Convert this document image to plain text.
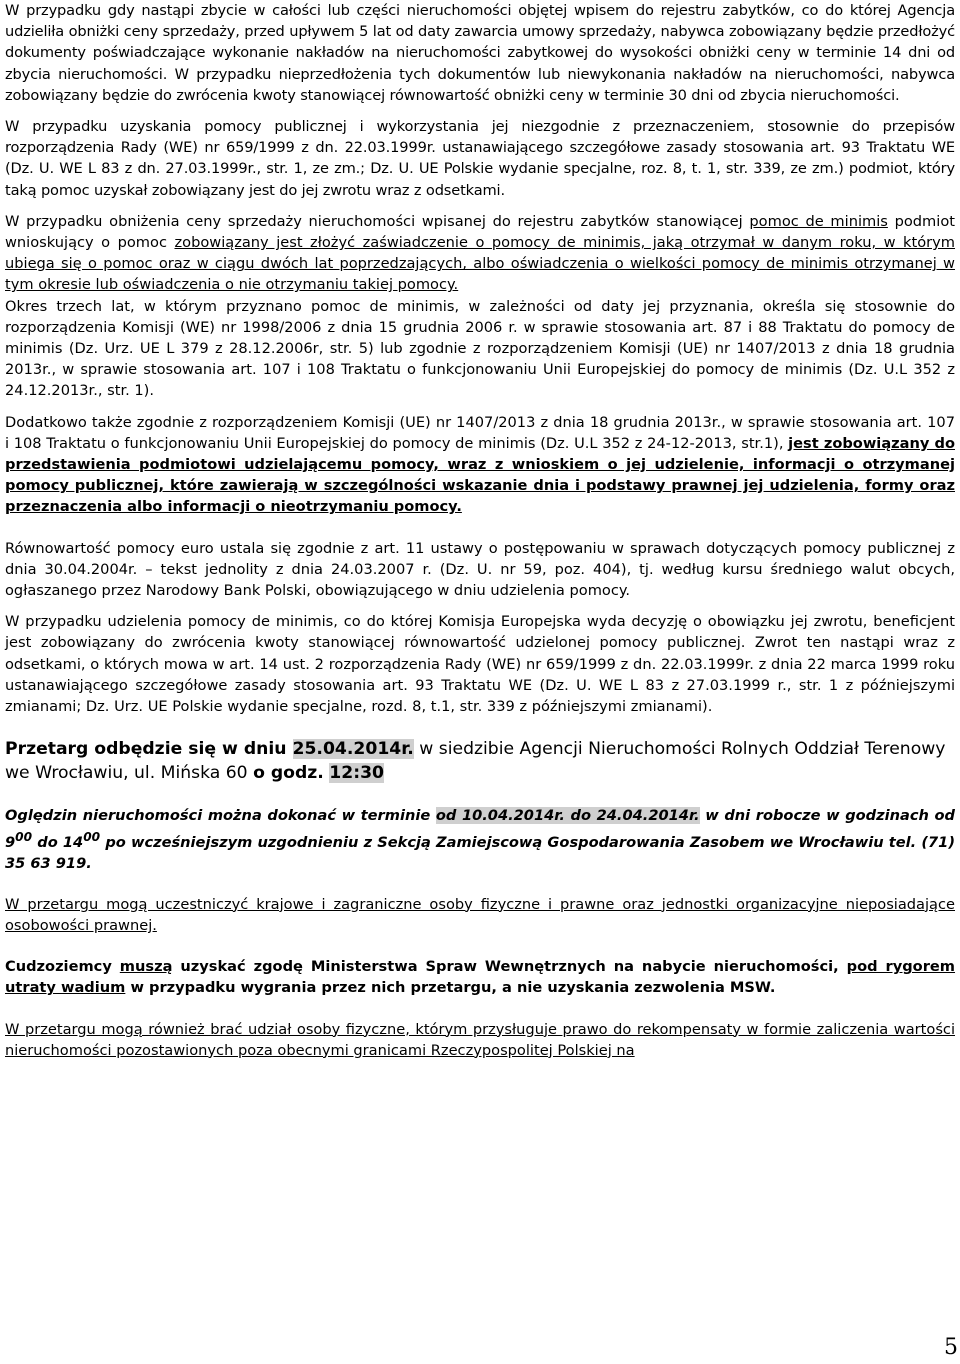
W przypadku gdy nastąpi zbycie w całości lub części nieruchomości objętej wpisem do rejestru zabytków, co do której Agencja udzieliła obniżki ceny sprzedaży, przed upływem 5 lat od daty zawarcia umowy sprzedaży, nabywca zobowiązany będzie przedłożyć dokumenty poświadczające wykonanie nakładów na nieruchomości zabytkowej do wysokości obniżki ceny w terminie 14 dni od zbycia nieruchomości. W przypadku nieprzedłożenia tych dokumentów lub niewykonania nakładów na nieruchomości, nabywca zobowiązany będzie do zwrócenia kwoty stanowiącej równowartość obniżki ceny w terminie 30 dni od zbycia nieruchomości.

W przypadku uzyskania pomocy publicznej i wykorzystania jej niezgodnie z przeznaczeniem, stosownie do przepisów rozporządzenia Rady (WE) nr 659/1999 z dn. 22.03.1999r. ustanawiającego szczegółowe zasady stosowania art. 93 Traktatu WE (Dz. U. WE L 83 z dn. 27.03.1999r., str. 1, ze zm.; Dz. U. UE Polskie wydanie specjalne, roz. 8, t. 1, str. 339, ze zm.) podmiot, który taką pomoc uzyskał zobowiązany jest do jej zwrotu wraz z odsetkami.

W przypadku obniżenia ceny sprzedaży nieruchomości wpisanej do rejestru zabytków stanowiącej pomoc de minimis podmiot wnioskujący o pomoc zobowiązany jest złożyć zaświadczenie o pomocy de minimis, jaką otrzymał w danym roku, w którym ubiega się o pomoc oraz w ciągu dwóch lat poprzedzających, albo oświadczenia o wielkości pomocy de minimis otrzymanej w tym okresie lub oświadczenia o nie otrzymaniu takiej pomocy.

Okres trzech lat, w którym przyznano pomoc de minimis, w zależności od daty jej przyznania, określa się stosownie do rozporządzenia Komisji (WE) nr 1998/2006 z dnia 15 grudnia 2006 r. w sprawie stosowania art. 87 i 88 Traktatu do pomocy de minimis (Dz. Urz. UE L 379 z 28.12.2006r, str. 5) lub zgodnie z rozporządzeniem Komisji (UE) nr 1407/2013 z dnia 18 grudnia 2013r., w sprawie stosowania art. 107 i 108 Traktatu o funkcjonowaniu Unii Europejskiej do pomocy de minimis (Dz. U.L 352 z 24.12.2013r., str. 1).

Dodatkowo także zgodnie z rozporządzeniem Komisji (UE) nr 1407/2013 z dnia 18 grudnia 2013r., w sprawie stosowania art. 107 i 108 Traktatu o funkcjonowaniu Unii Europejskiej do pomocy de minimis (Dz. U.L 352 z 24-12-2013, str.1), jest zobowiązany do przedstawienia podmiotowi udzielającemu pomocy, wraz z wnioskiem o jej udzielenie, informacji o otrzymanej pomocy publicznej, które zawierają w szczególności wskazanie dnia i podstawy prawnej jej udzielenia, formy oraz przeznaczenia albo informacji o nieotrzymaniu pomocy.

Równowartość pomocy euro ustala się zgodnie z art. 11 ustawy o postępowaniu w sprawach dotyczących pomocy publicznej z dnia 30.04.2004r. – tekst jednolity z dnia 24.03.2007 r. (Dz. U. nr 59, poz. 404), tj. według kursu średniego walut obcych, ogłaszanego przez Narodowy Bank Polski, obowiązującego w dniu udzielenia pomocy.

W przypadku udzielenia pomocy de minimis, co do której Komisja Europejska wyda decyzję o obowiązku jej zwrotu, beneficjent jest zobowiązany do zwrócenia kwoty stanowiącej równowartość udzielonej pomocy publicznej. Zwrot ten nastąpi wraz z odsetkami, o których mowa w art. 14 ust. 2 rozporządzenia Rady (WE) nr 659/1999 z dn. 22.03.1999r. z dnia 22 marca 1999 roku ustanawiającego szczegółowe zasady stosowania art. 93 Traktatu WE (Dz. U. WE L 83 z 27.03.1999 r., str. 1 z późniejszymi zmianami; Dz. Urz. UE Polskie wydanie specjalne, rozd. 8, t.1, str. 339 z późniejszymi zmianami).

Przetarg odbędzie się w dniu 25.04.2014r. w siedzibie Agencji Nieruchomości Rolnych Oddział Terenowy we Wrocławiu, ul. Mińska 60 o godz. 12:30

Oględzin nieruchomości można dokonać w terminie od 10.04.2014r. do 24.04.2014r. w dni robocze w godzinach od $9^{00}$ do $14^{00}$ po wcześniejszym uzgodnieniu z Sekcją Zamiejscową Gospodarowania Zasobem we Wrocławiu tel. (71) 35 63 919.

W przetargu mogą uczestniczyć krajowe i zagraniczne osoby fizyczne i prawne oraz jednostki organizacyjne nieposiadające osobowości prawnej.

Cudzoziemcy muszą uzyskać zgodę Ministerstwa Spraw Wewnętrznych na nabycie nieruchomości, pod rygorem utraty wadium w przypadku wygrania przez nich przetargu, a nie uzyskania zezwolenia MSW.

W przetargu mogą również brać udział osoby fizyczne, którym przysługuje prawo do rekompensaty w formie zaliczenia wartości nieruchomości pozostawionych poza obecnymi granicami Rzeczypospolitej Polskiej na

5
